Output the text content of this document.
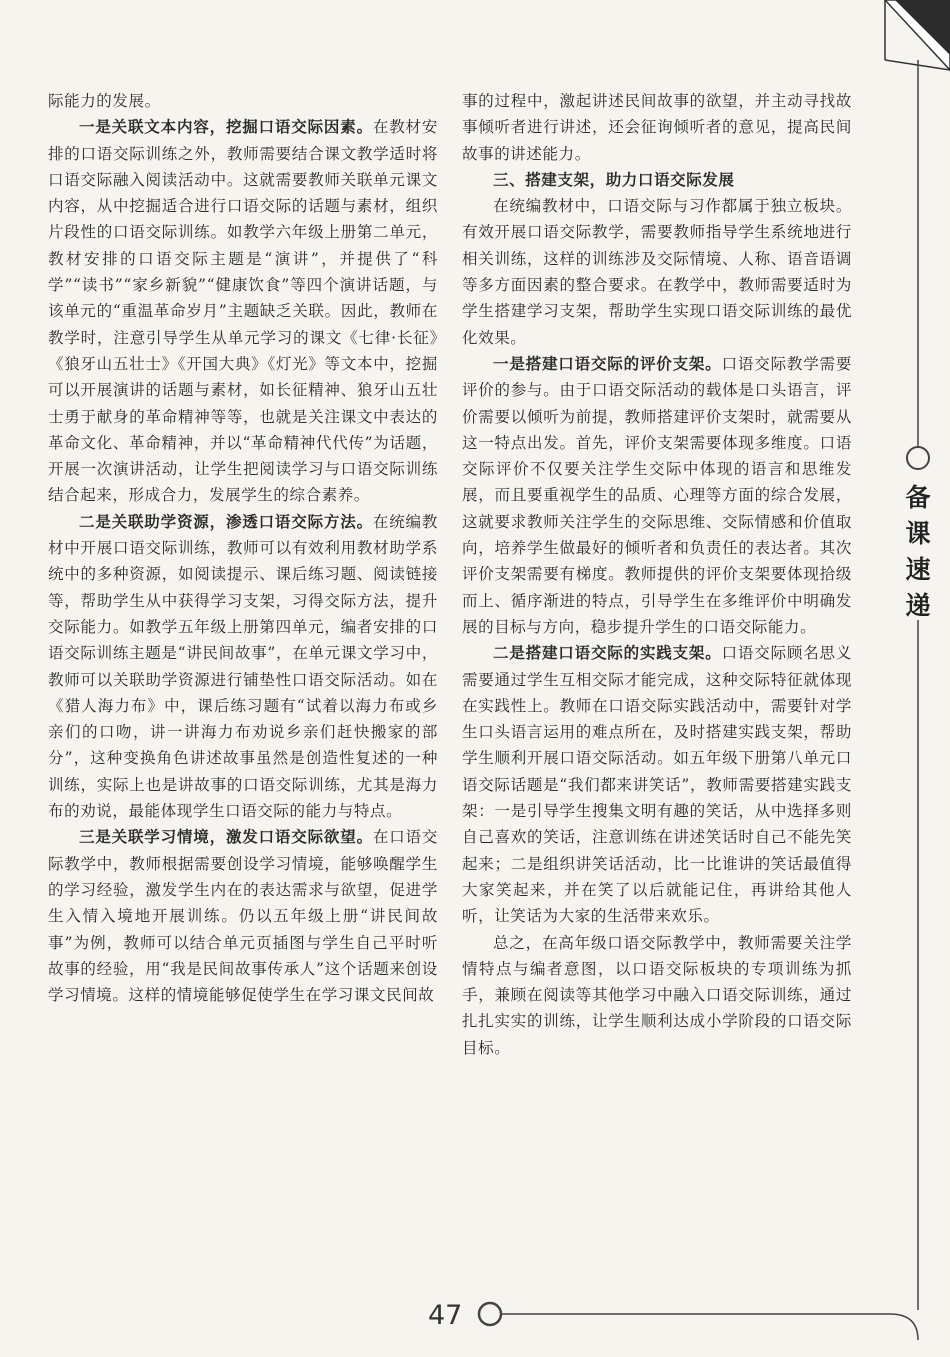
备课速递

际能力的发展。

一是关联文本内容，挖掘口语交际因素。在教材安排的口语交际训练之外，教师需要结合课文教学适时将口语交际融入阅读活动中。这就需要教师关联单元课文内容，从中挖掘适合进行口语交际的话题与素材，组织片段性的口语交际训练。如教学六年级上册第二单元，教材安排的口语交际主题是“演讲”，并提供了“科学”“读书”“家乡新貌”“健康饮食”等四个演讲话题，与该单元的“重温革命岁月”主题缺乏关联。因此，教师在教学时，注意引导学生从单元学习的课文《七律·长征》《狼牙山五壮士》《开国大典》《灯光》等文本中，挖掘可以开展演讲的话题与素材，如长征精神、狼牙山五壮士勇于献身的革命精神等等，也就是关注课文中表达的革命文化、革命精神，并以“革命精神代代传”为话题，开展一次演讲活动，让学生把阅读学习与口语交际训练结合起来，形成合力，发展学生的综合素养。

二是关联助学资源，渗透口语交际方法。在统编教材中开展口语交际训练，教师可以有效利用教材助学系统中的多种资源，如阅读提示、课后练习题、阅读链接等，帮助学生从中获得学习支架，习得交际方法，提升交际能力。如教学五年级上册第四单元，编者安排的口语交际训练主题是“讲民间故事”，在单元课文学习中，教师可以关联助学资源进行铺垫性口语交际活动。如在《猎人海力布》中，课后练习题有“试着以海力布或乡亲们的口吻，讲一讲海力布劝说乡亲们赶快搬家的部分”，这种变换角色讲述故事虽然是创造性复述的一种训练，实际上也是讲故事的口语交际训练，尤其是海力布的劝说，最能体现学生口语交际的能力与特点。

三是关联学习情境，激发口语交际欲望。在口语交际教学中，教师根据需要创设学习情境，能够唤醒学生的学习经验，激发学生内在的表达需求与欲望，促进学生入情入境地开展训练。仍以五年级上册“讲民间故事”为例，教师可以结合单元页插图与学生自己平时听故事的经验，用“我是民间故事传承人”这个话题来创设学习情境。这样的情境能够促使学生在学习课文民间故

事的过程中，激起讲述民间故事的欲望，并主动寻找故事倾听者进行讲述，还会征询倾听者的意见，提高民间故事的讲述能力。

三、搭建支架，助力口语交际发展

在统编教材中，口语交际与习作都属于独立板块。有效开展口语交际教学，需要教师指导学生系统地进行相关训练，这样的训练涉及交际情境、人称、语音语调等多方面因素的整合要求。在教学中，教师需要适时为学生搭建学习支架，帮助学生实现口语交际训练的最优化效果。

一是搭建口语交际的评价支架。口语交际教学需要评价的参与。由于口语交际活动的载体是口头语言，评价需要以倾听为前提，教师搭建评价支架时，就需要从这一特点出发。首先，评价支架需要体现多维度。口语交际评价不仅要关注学生交际中体现的语言和思维发展，而且要重视学生的品质、心理等方面的综合发展，这就要求教师关注学生的交际思维、交际情感和价值取向，培养学生做最好的倾听者和负责任的表达者。其次评价支架需要有梯度。教师提供的评价支架要体现拾级而上、循序渐进的特点，引导学生在多维评价中明确发展的目标与方向，稳步提升学生的口语交际能力。

二是搭建口语交际的实践支架。口语交际顾名思义需要通过学生互相交际才能完成，这种交际特征就体现在实践性上。教师在口语交际实践活动中，需要针对学生口头语言运用的难点所在，及时搭建实践支架，帮助学生顺利开展口语交际活动。如五年级下册第八单元口语交际话题是“我们都来讲笑话”，教师需要搭建实践支架：一是引导学生搜集文明有趣的笑话，从中选择多则自己喜欢的笑话，注意训练在讲述笑话时自己不能先笑起来；二是组织讲笑话活动，比一比谁讲的笑话最值得大家笑起来，并在笑了以后就能记住，再讲给其他人听，让笑话为大家的生活带来欢乐。

总之，在高年级口语交际教学中，教师需要关注学情特点与编者意图，以口语交际板块的专项训练为抓手，兼顾在阅读等其他学习中融入口语交际训练，通过扎扎实实的训练，让学生顺利达成小学阶段的口语交际目标。

47
